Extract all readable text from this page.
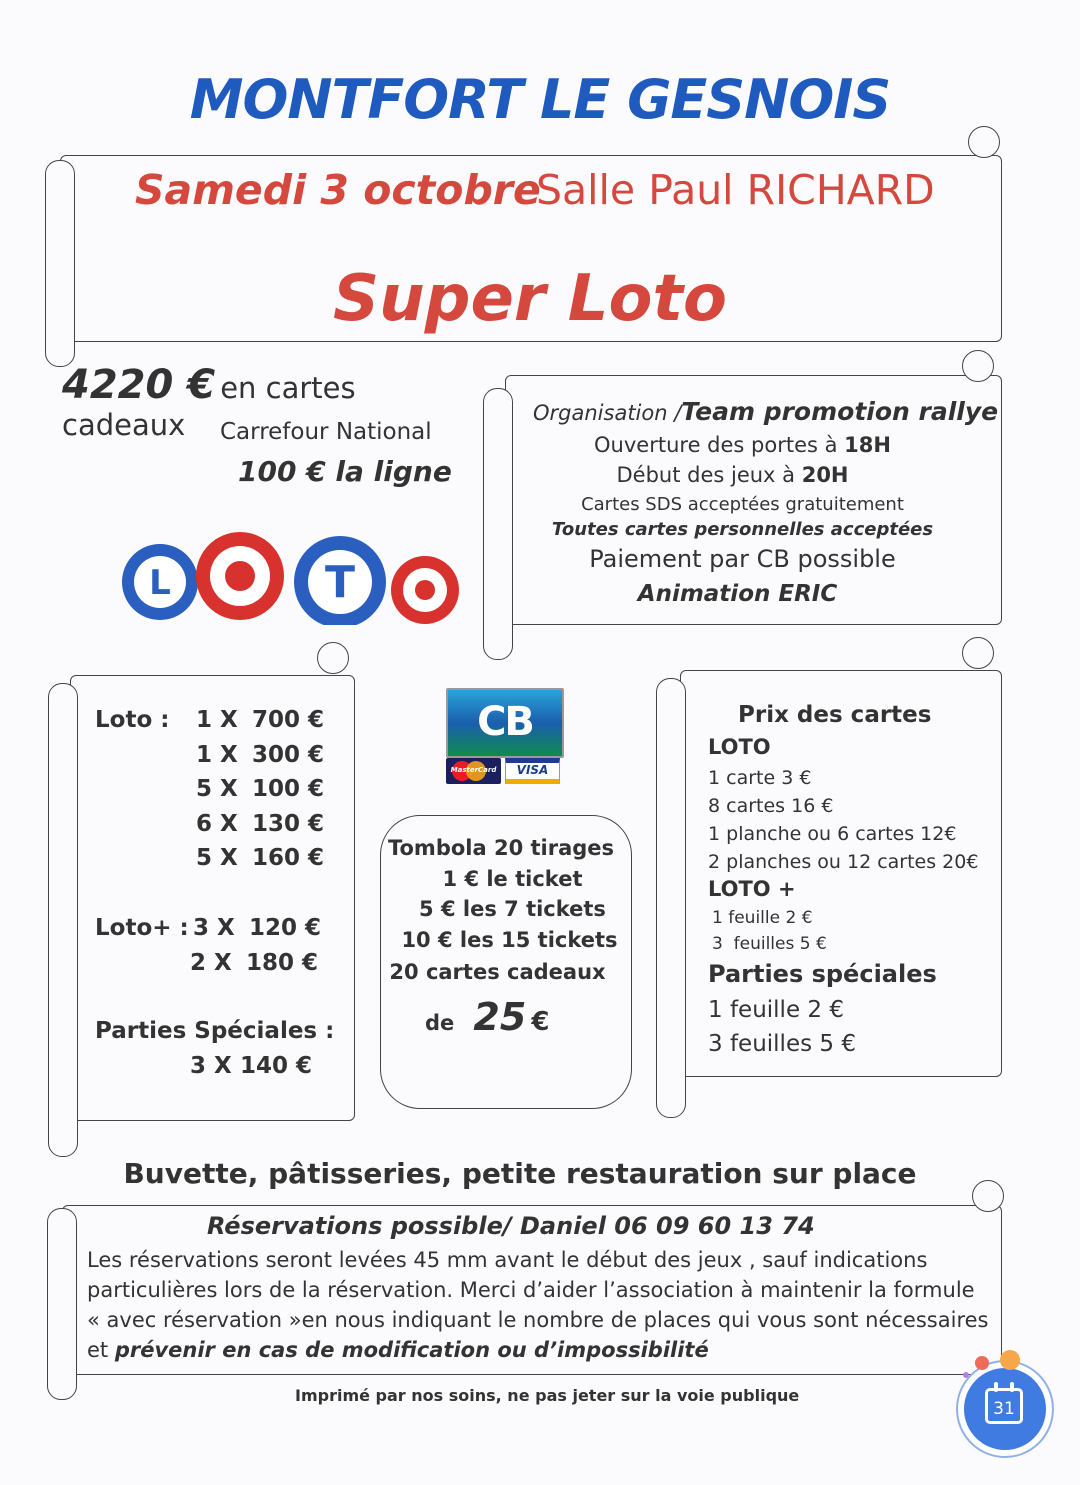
MONTFORT LE GESNOIS
Samedi 3 octobre
Salle Paul RICHARD
Super Loto
4220 € en cartes cadeaux	Carrefour National
100 € la ligne
L	T
Organisation /Team promotion rallye
Ouverture des portes à 18H
Début des jeux à 20H
Cartes SDS acceptées gratuitement
Toutes cartes personnelles acceptées
Paiement par CB possible
Animation ERIC
CB
MasterCard	VISA
Loto : 1 X 700 €
1 X 300 €
5 X 100 €
6 X 130 €
5 X 160 €
Loto+ : 3 X 120 €
2 X 180 €
Parties Spéciales :
3 X 140 €
Tombola 20 tirages
1 € le ticket
5 € les 7 tickets
10 € les 15 tickets
20 cartes cadeaux
de 25 €
Prix des cartes
LOTO
1 carte 3 €
8 cartes 16 €
1 planche ou 6 cartes 12€
2 planches ou 12 cartes 20€
LOTO +
1 feuille 2 €
3  feuilles 5 €
Parties spéciales
1 feuille 2 €
3 feuilles 5 €
Buvette, pâtisseries, petite restauration sur place
Réservations possible/ Daniel 06 09 60 13 74
Les réservations seront levées 45 mm avant le début des jeux , sauf indications
particulières lors de la réservation. Merci d’aider l’association à maintenir la formule
« avec réservation »en nous indiquant le nombre de places qui vous sont nécessaires
et prévenir en cas de modification ou d’impossibilité
Imprimé par nos soins, ne pas jeter sur la voie publique
31
